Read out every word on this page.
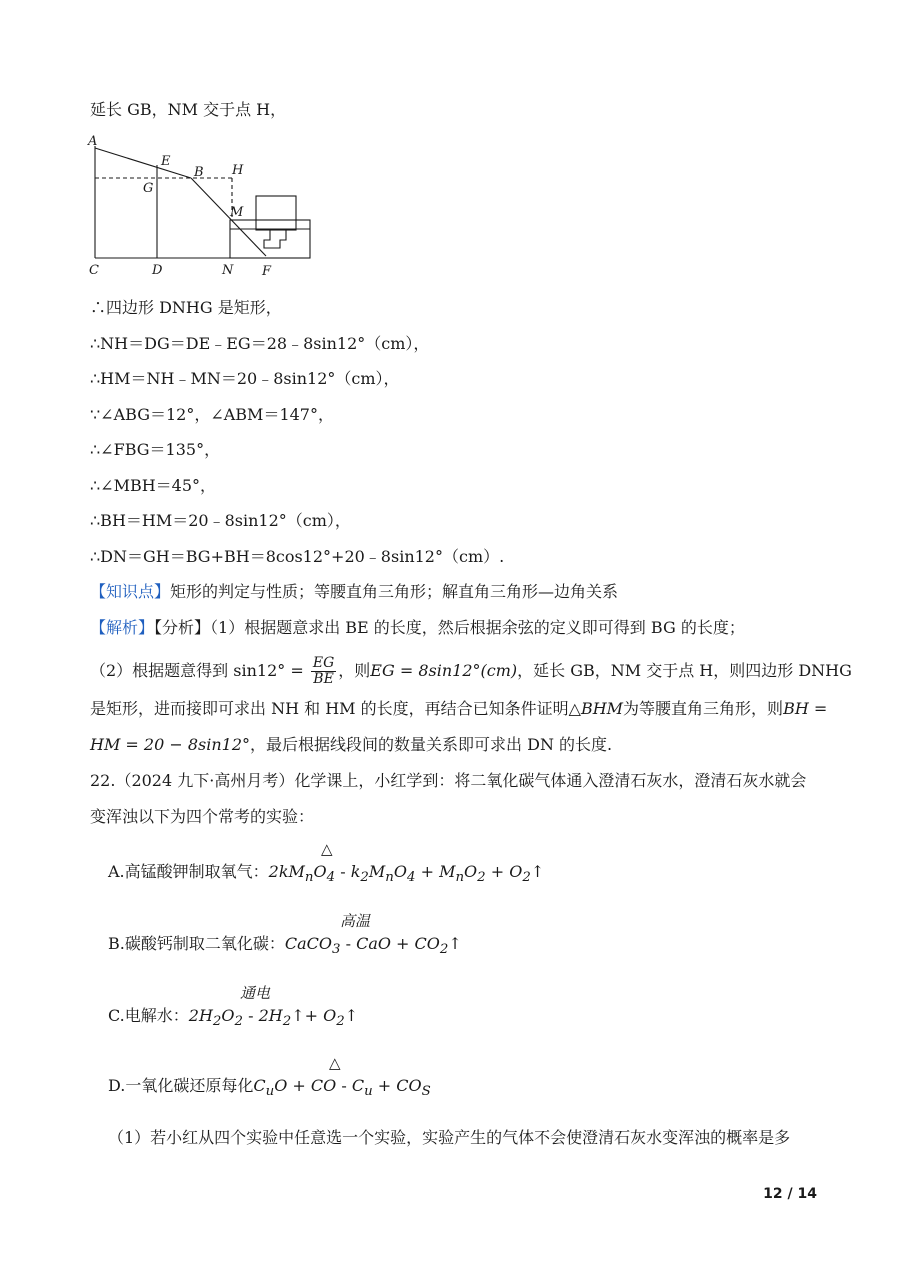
延长 GB，NM 交于点 H，
A
E
B H
G
M
C	D	N F
∴四边形 DNHG 是矩形，
∴NH＝DG＝DE﹣EG＝28﹣8sin12°（cm），
∴HM＝NH﹣MN＝20﹣8sin12°（cm），
∵∠ABG＝12°，∠ABM＝147°，
∴∠FBG＝135°，
∴∠MBH＝45°，
∴BH＝HM＝20﹣8sin12°（cm），
∴DN＝GH＝BG+BH＝8cos12°+20﹣8sin12°（cm）.
【知识点】矩形的判定与性质；等腰直角三角形；解直角三角形—边角关系
【解析】【分析】（1）根据题意求出 BE 的长度，然后根据余弦的定义即可得到 BG 的长度；
（2）根据题意得到 $\sin 12^\circ = \frac{EG}{BE}$ ，则EG = 8sin12°(cm)，延长 GB，NM 交于点 H，则四边形 DNHG
是矩形，进而接即可求出 NH 和 HM 的长度，再结合已知条件证明△BHM为等腰直角三角形，则BH =
HM = 20 − 8sin12°，最后根据线段间的数量关系即可求出 DN 的长度.
22.（2024 九下·高州月考）化学课上，小红学到：将二氧化碳气体通入澄清石灰水，澄清石灰水就会
变浑浊以下为四个常考的实验：
△
A.高锰酸钾制取氧气：$2kM_nO_4 - k_2M_nO_4 + M_nO_2$ + $O_2↑$
高温
B.碳酸钙制取二氧化碳：CaCO$_3$ - CaO + $CO_2↑$
通电
C.电解水：$2H_2O_2$ - $2H_2↑+$ $O_2↑$
△
D.一氧化碳还原每化$C_uO$ + CO - $C_u + CO_S$
（1）若小红从四个实验中任意选一个实验，实验产生的气体不会使澄清石灰水变浑浊的概率是多
12 / 14
